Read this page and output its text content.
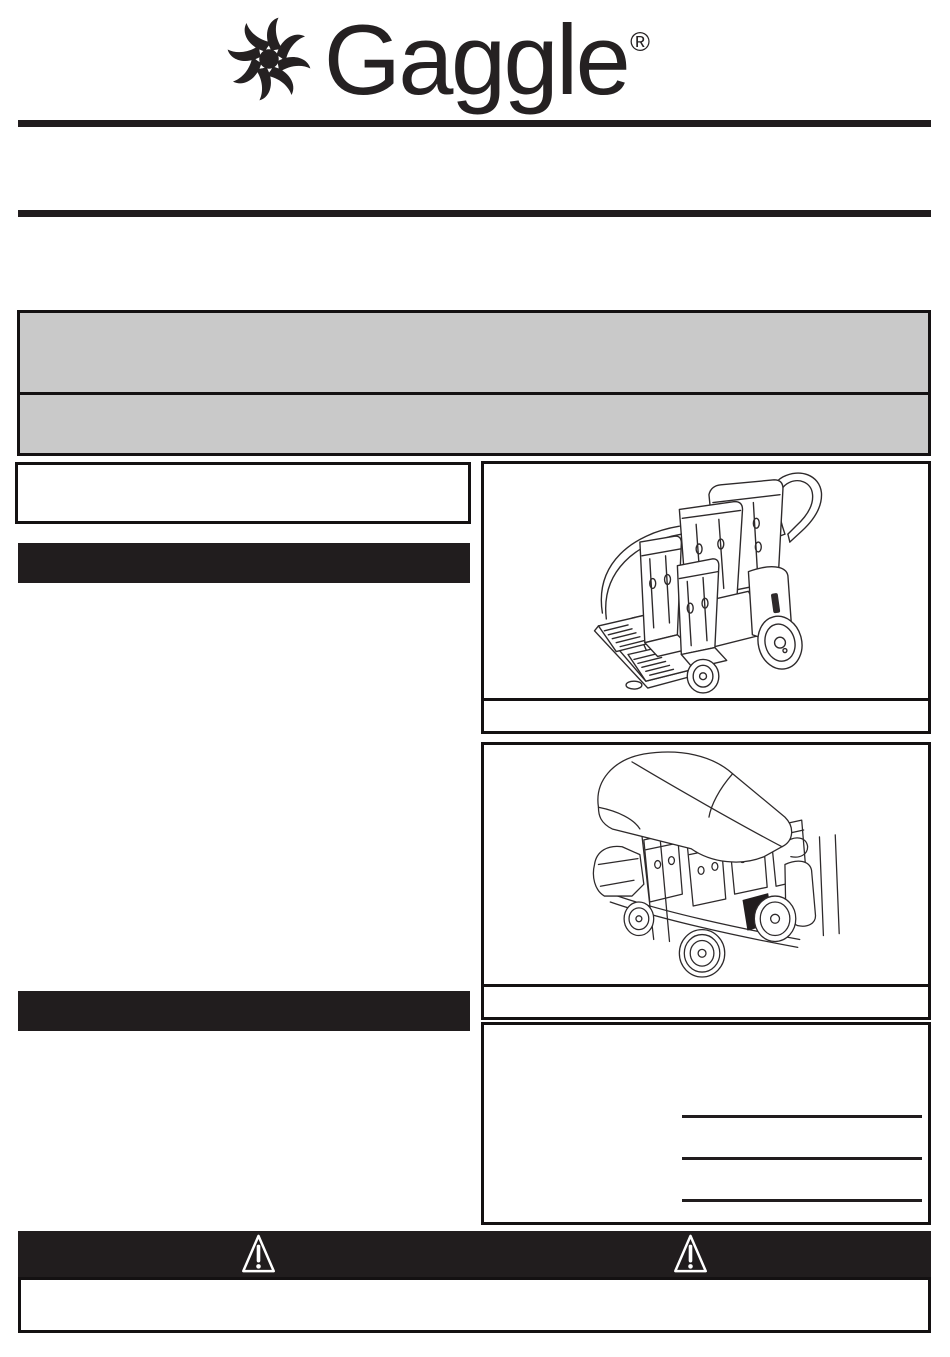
Gaggle ®
